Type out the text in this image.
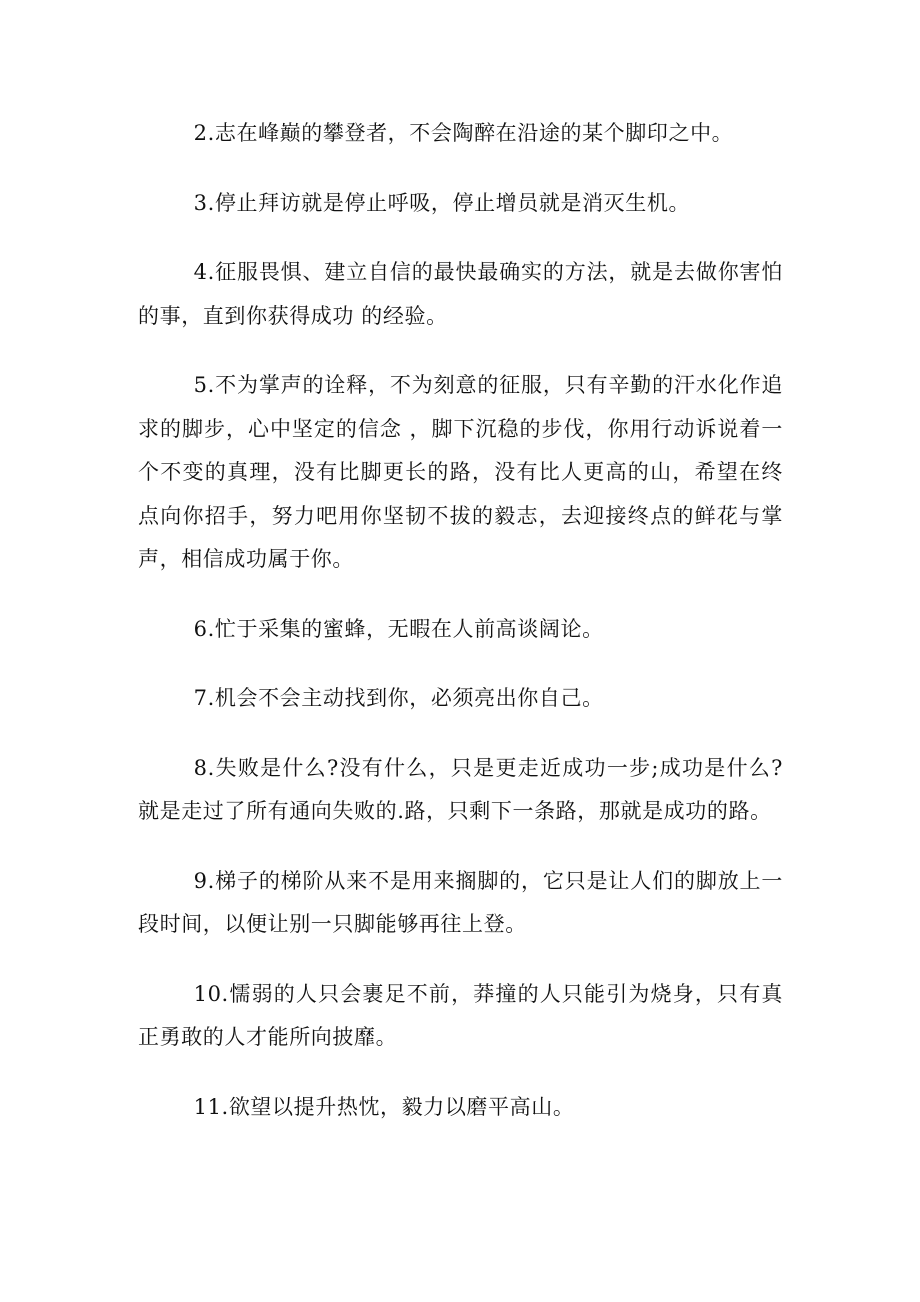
2.志在峰巅的攀登者，不会陶醉在沿途的某个脚印之中。

3.停止拜访就是停止呼吸，停止增员就是消灭生机。

4.征服畏惧、建立自信的最快最确实的方法，就是去做你害怕的事，直到你获得成功 的经验。

5.不为掌声的诠释，不为刻意的征服，只有辛勤的汗水化作追求的脚步，心中坚定的信念 ，脚下沉稳的步伐，你用行动诉说着一个不变的真理，没有比脚更长的路，没有比人更高的山，希望在终点向你招手，努力吧用你坚韧不拔的毅志，去迎接终点的鲜花与掌声，相信成功属于你。

6.忙于采集的蜜蜂，无暇在人前高谈阔论。

7.机会不会主动找到你，必须亮出你自己。

8.失败是什么?没有什么，只是更走近成功一步;成功是什么?就是走过了所有通向失败的.路，只剩下一条路，那就是成功的路。

9.梯子的梯阶从来不是用来搁脚的，它只是让人们的脚放上一段时间，以便让别一只脚能够再往上登。

10.懦弱的人只会裹足不前，莽撞的人只能引为烧身，只有真正勇敢的人才能所向披靡。

11.欲望以提升热忱，毅力以磨平高山。
